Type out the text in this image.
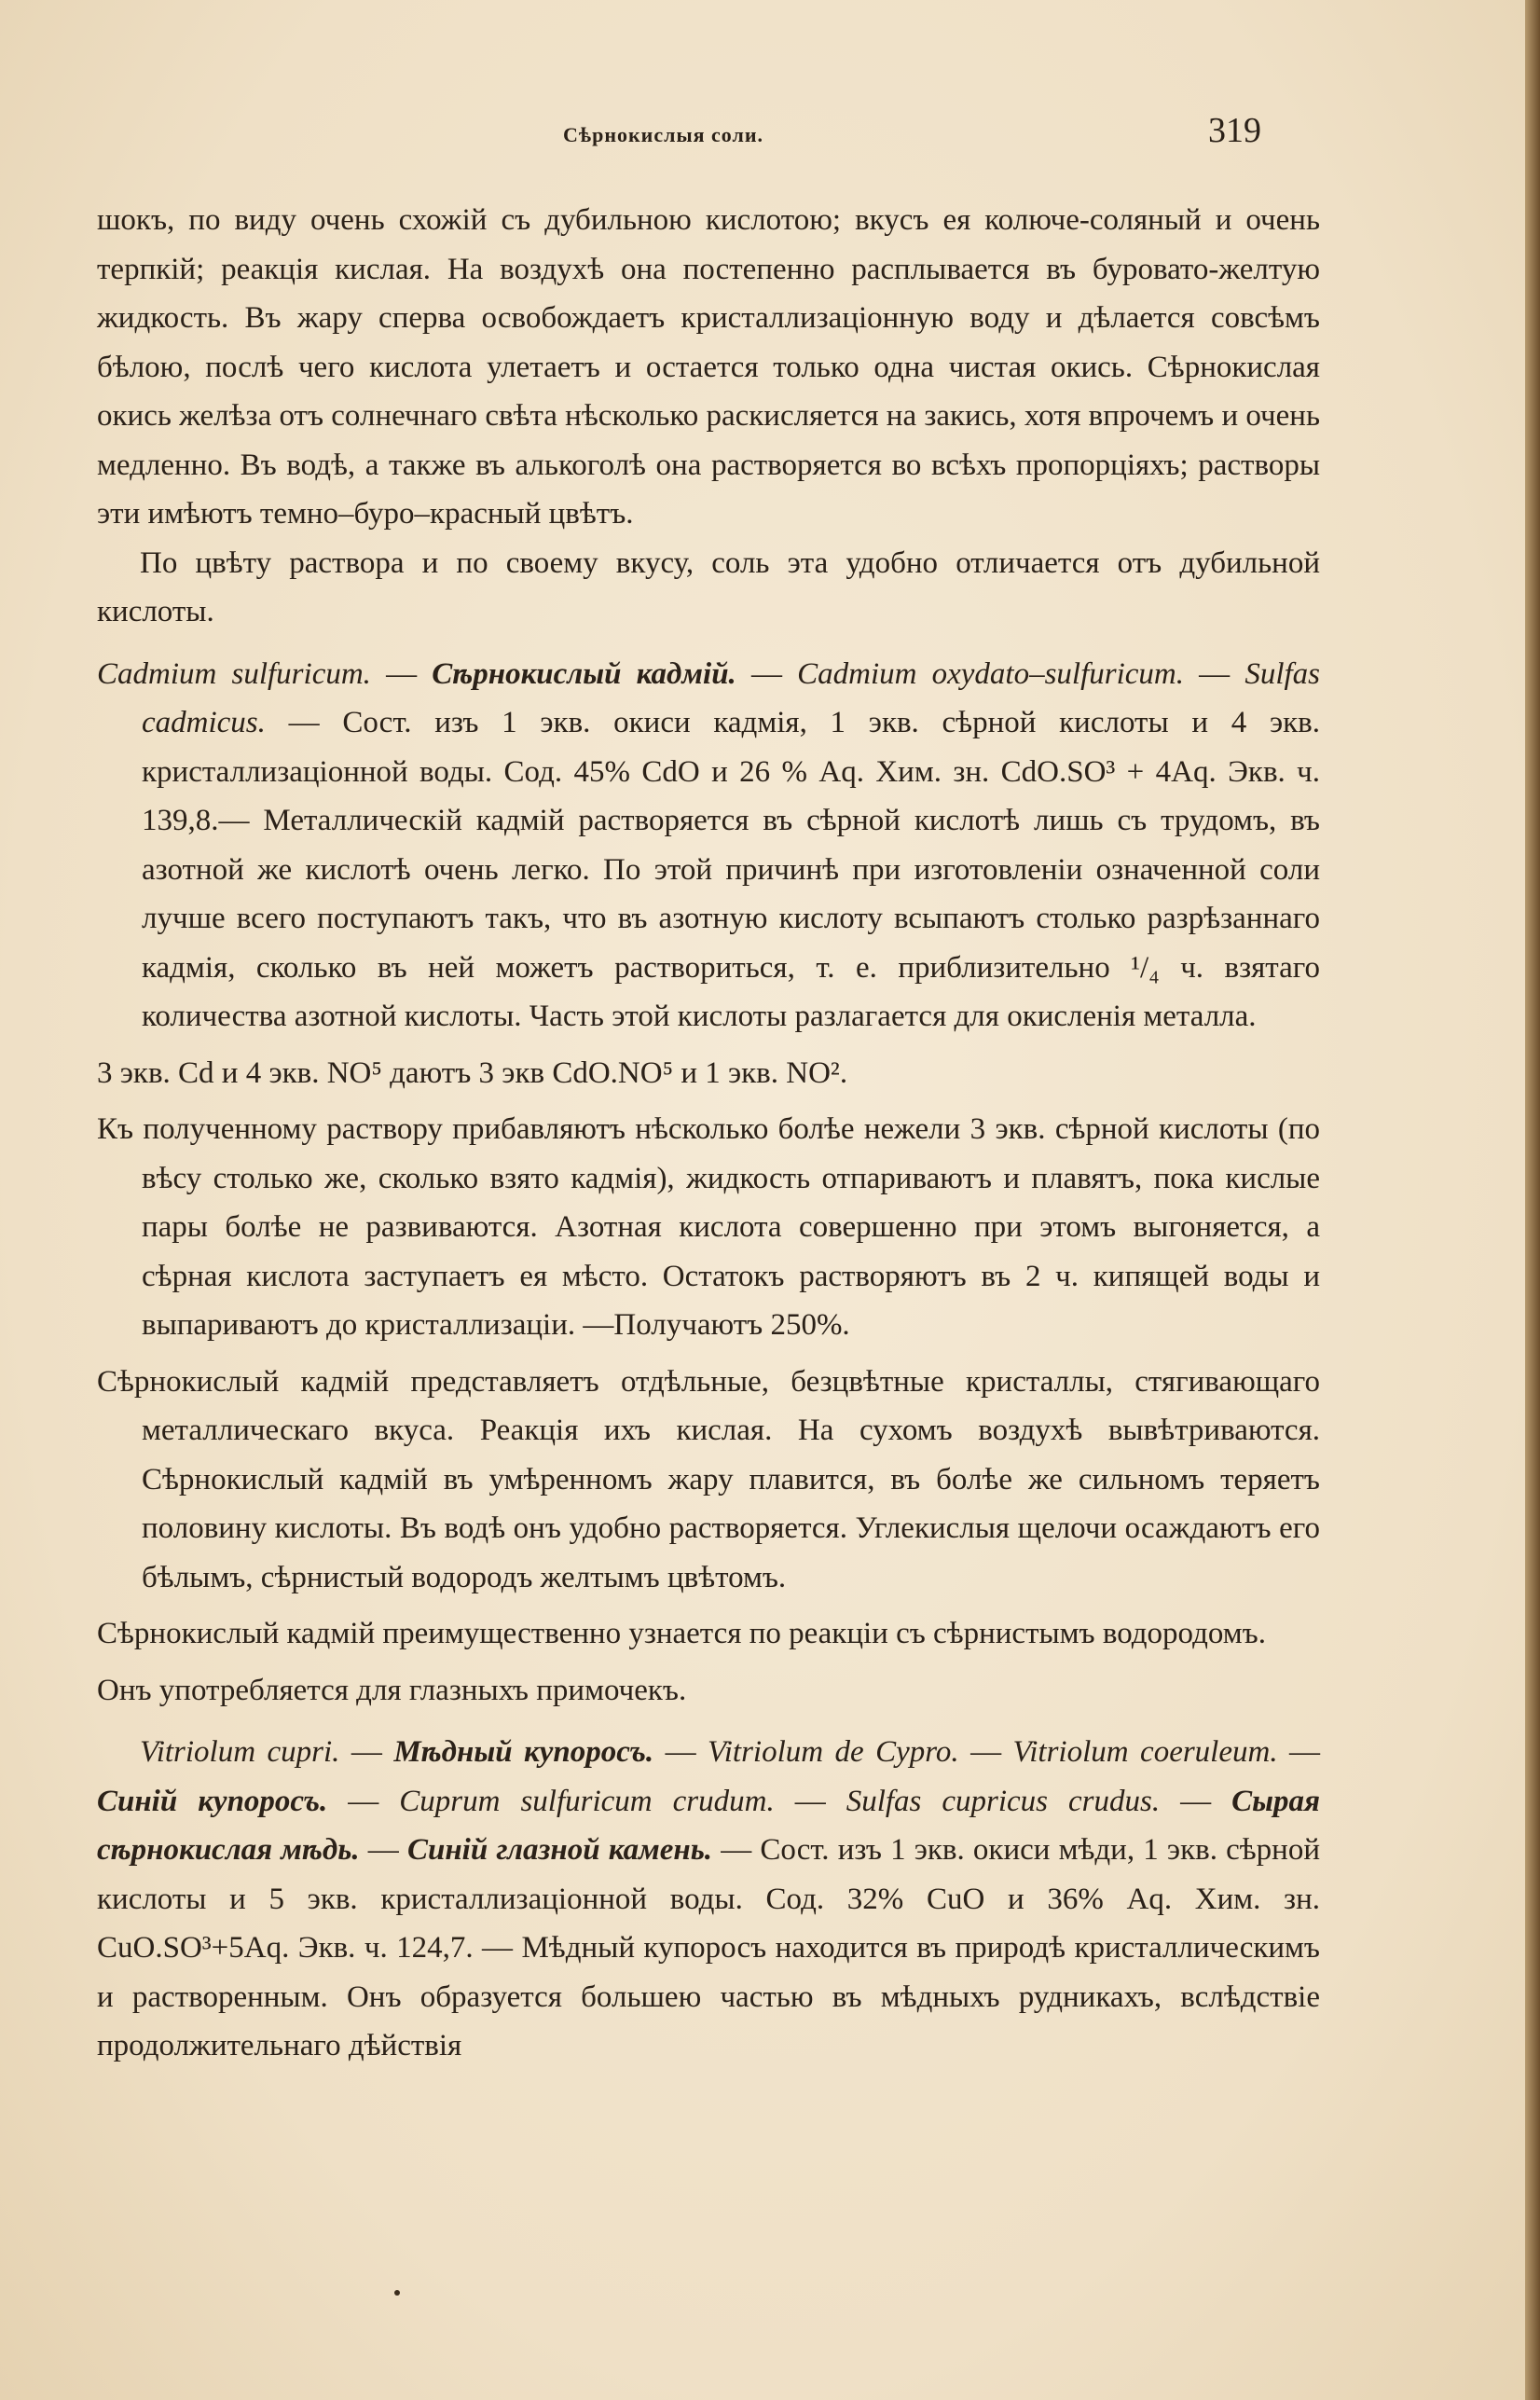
Сѣрнокислыя соли.	319

шокъ, по виду очень схожій съ дубильною кислотою; вкусъ ея колюче-соляный и очень терпкій; реакція кислая. На воздухѣ она постепенно расплывается въ буровато-желтую жидкость. Въ жару сперва освобождаетъ кристаллизаціонную воду и дѣлается совсѣмъ бѣлою, послѣ чего кислота улетаетъ и остается только одна чистая окись. Сѣрнокислая окись желѣза отъ солнечнаго свѣта нѣсколько раскисляется на закись, хотя впрочемъ и очень медленно. Въ водѣ, а также въ алькоголѣ она растворяется во всѣхъ пропорціяхъ; растворы эти имѣютъ темно–буро–красный цвѣтъ.

По цвѣту раствора и по своему вкусу, соль эта удобно отличается отъ дубильной кислоты.

Cadmium sulfuricum. — Сѣрнокислый кадмій. — Cadmium oxydato–sulfuricum. — Sulfas cadmicus. — Сост. изъ 1 экв. окиси кадмія, 1 экв. сѣрной кислоты и 4 экв. кристаллизаціонной воды. Сод. 45% CdO и 26 % Aq. Хим. зн. CdO.SO³ + 4Aq. Экв. ч. 139,8.— Металлическій кадмій растворяется въ сѣрной кислотѣ лишь съ трудомъ, въ азотной же кислотѣ очень легко. По этой причинѣ при изготовленіи означенной соли лучше всего поступаютъ такъ, что въ азотную кислоту всыпаютъ столько разрѣзаннаго кадмія, сколько въ ней можетъ раствориться, т. е. приблизительно ¹/₄ ч. взятаго количества азотной кислоты. Часть этой кислоты разлагается для окисленія металла.

3 экв. Cd и 4 экв. NO⁵ даютъ 3 экв CdO.NO⁵ и 1 экв. NO².

Къ полученному раствору прибавляютъ нѣсколько болѣе нежели 3 экв. сѣрной кислоты (по вѣсу столько же, сколько взято кадмія), жидкость отпариваютъ и плавятъ, пока кислые пары болѣе не развиваются. Азотная кислота совершенно при этомъ выгоняется, а сѣрная кислота заступаетъ ея мѣсто. Остатокъ растворяютъ въ 2 ч. кипящей воды и выпариваютъ до кристаллизаціи. —Получаютъ 250%.

Сѣрнокислый кадмій представляетъ отдѣльные, безцвѣтные кристаллы, стягивающаго металлическаго вкуса. Реакція ихъ кислая. На сухомъ воздухѣ вывѣтриваются. Сѣрнокислый кадмій въ умѣренномъ жару плавится, въ болѣе же сильномъ теряетъ половину кислоты. Въ водѣ онъ удобно растворяется. Углекислыя щелочи осаждаютъ его бѣлымъ, сѣрнистый водородъ желтымъ цвѣтомъ.

Сѣрнокислый кадмій преимущественно узнается по реакціи съ сѣрнистымъ водородомъ.

Онъ употребляется для глазныхъ примочекъ.

Vitriolum cupri. — Мѣдный купоросъ. — Vitriolum de Cypro. — Vitriolum coeruleum. — Синій купоросъ. — Cuprum sulfuricum crudum. — Sulfas cupricus crudus. — Сырая сѣрнокислая мѣдь. — Синій глазной камень. — Сост. изъ 1 экв. окиси мѣди, 1 экв. сѣрной кислоты и 5 экв. кристаллизаціонной воды. Сод. 32% CuO и 36% Aq. Хим. зн. CuO.SO³+5Aq. Экв. ч. 124,7. — Мѣдный купоросъ находится въ природѣ кристаллическимъ и растворенным. Онъ образуется большею частью въ мѣдныхъ рудникахъ, вслѣдствіе продолжительнаго дѣйствія
